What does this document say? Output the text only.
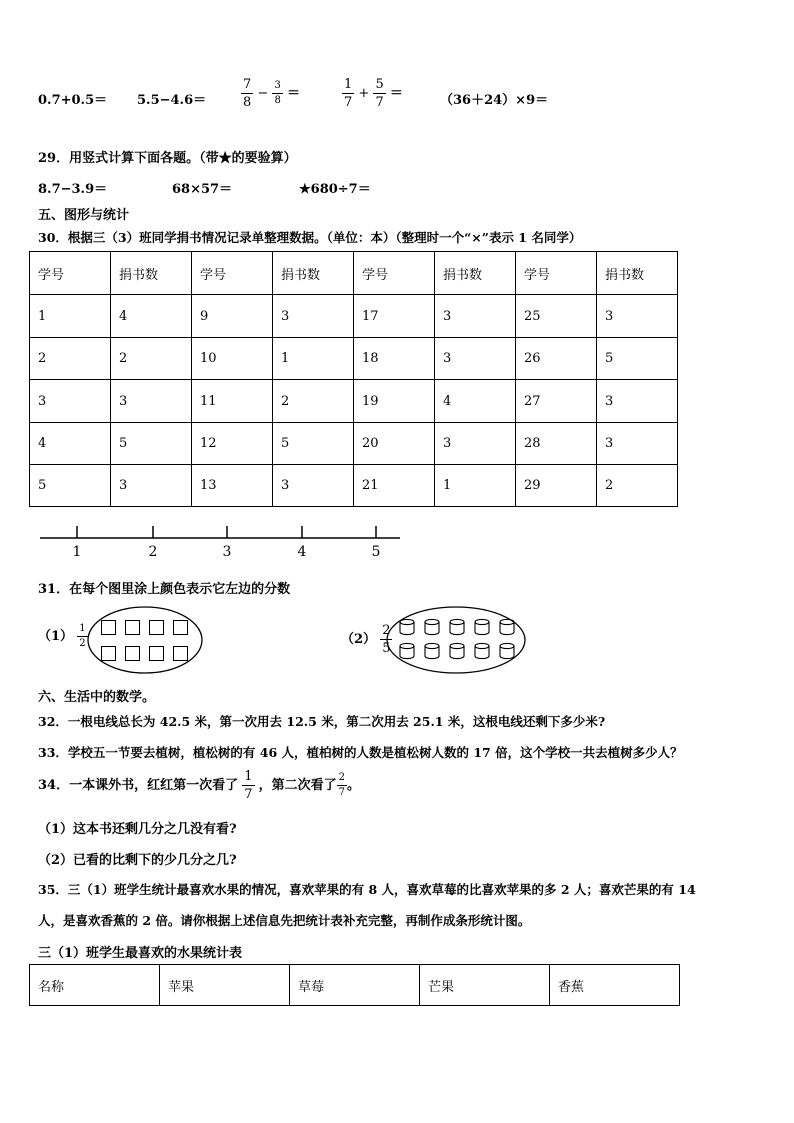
0.7+0.5＝ 5.5−4.6＝	$\frac{7}{8} - \frac{3}{8}$ ＝	$\frac{1}{7} + \frac{5}{7}$ ＝	（36＋24）×9＝
29．用竖式计算下面各题。（带★的要验算）
8.7−3.9＝	68×57＝	★680÷7＝
五、图形与统计
30．根据三（3）班同学捐书情况记录单整理数据。（单位：本）（整理时一个“×”表示 1 名同学）
学号	捐书数	学号	捐书数	学号	捐书数	学号	捐书数
1	4	9	3	17	3	25	3
2	2	10	1	18	3	26	5
3	3	11	2	19	4	27	3
4	5	12	5	20	3	28	3
5	3	13	3	21	1	29	2
1	2	3	4	5
31．在每个图里涂上颜色表示它左边的分数
$(1) \frac{1}{2}$	$(2) \frac{2}{5}$
六、生活中的数学。
32．一根电线总长为 42.5 米，第一次用去 12.5 米，第二次用去 25.1 米，这根电线还剩下多少米?
33．学校五一节要去植树，植松树的有 46 人，植柏树的人数是植松树人数的 17 倍，这个学校一共去植树多少人？
34．一本课外书，红红第一次看了 $\frac{1}{7}$ ，第二次看了 $\frac{2}{7}$ 。
（1）这本书还剩几分之几没有看?
（2）已看的比剩下的少几分之几?
35．三（1）班学生统计最喜欢水果的情况，喜欢苹果的有 8 人，喜欢草莓的比喜欢苹果的多 2 人；喜欢芒果的有 14
人，是喜欢香蕉的 2 倍。请你根据上述信息先把统计表补充完整，再制作成条形统计图。
三（1）班学生最喜欢的水果统计表
名称	苹果	草莓	芒果	香蕉
